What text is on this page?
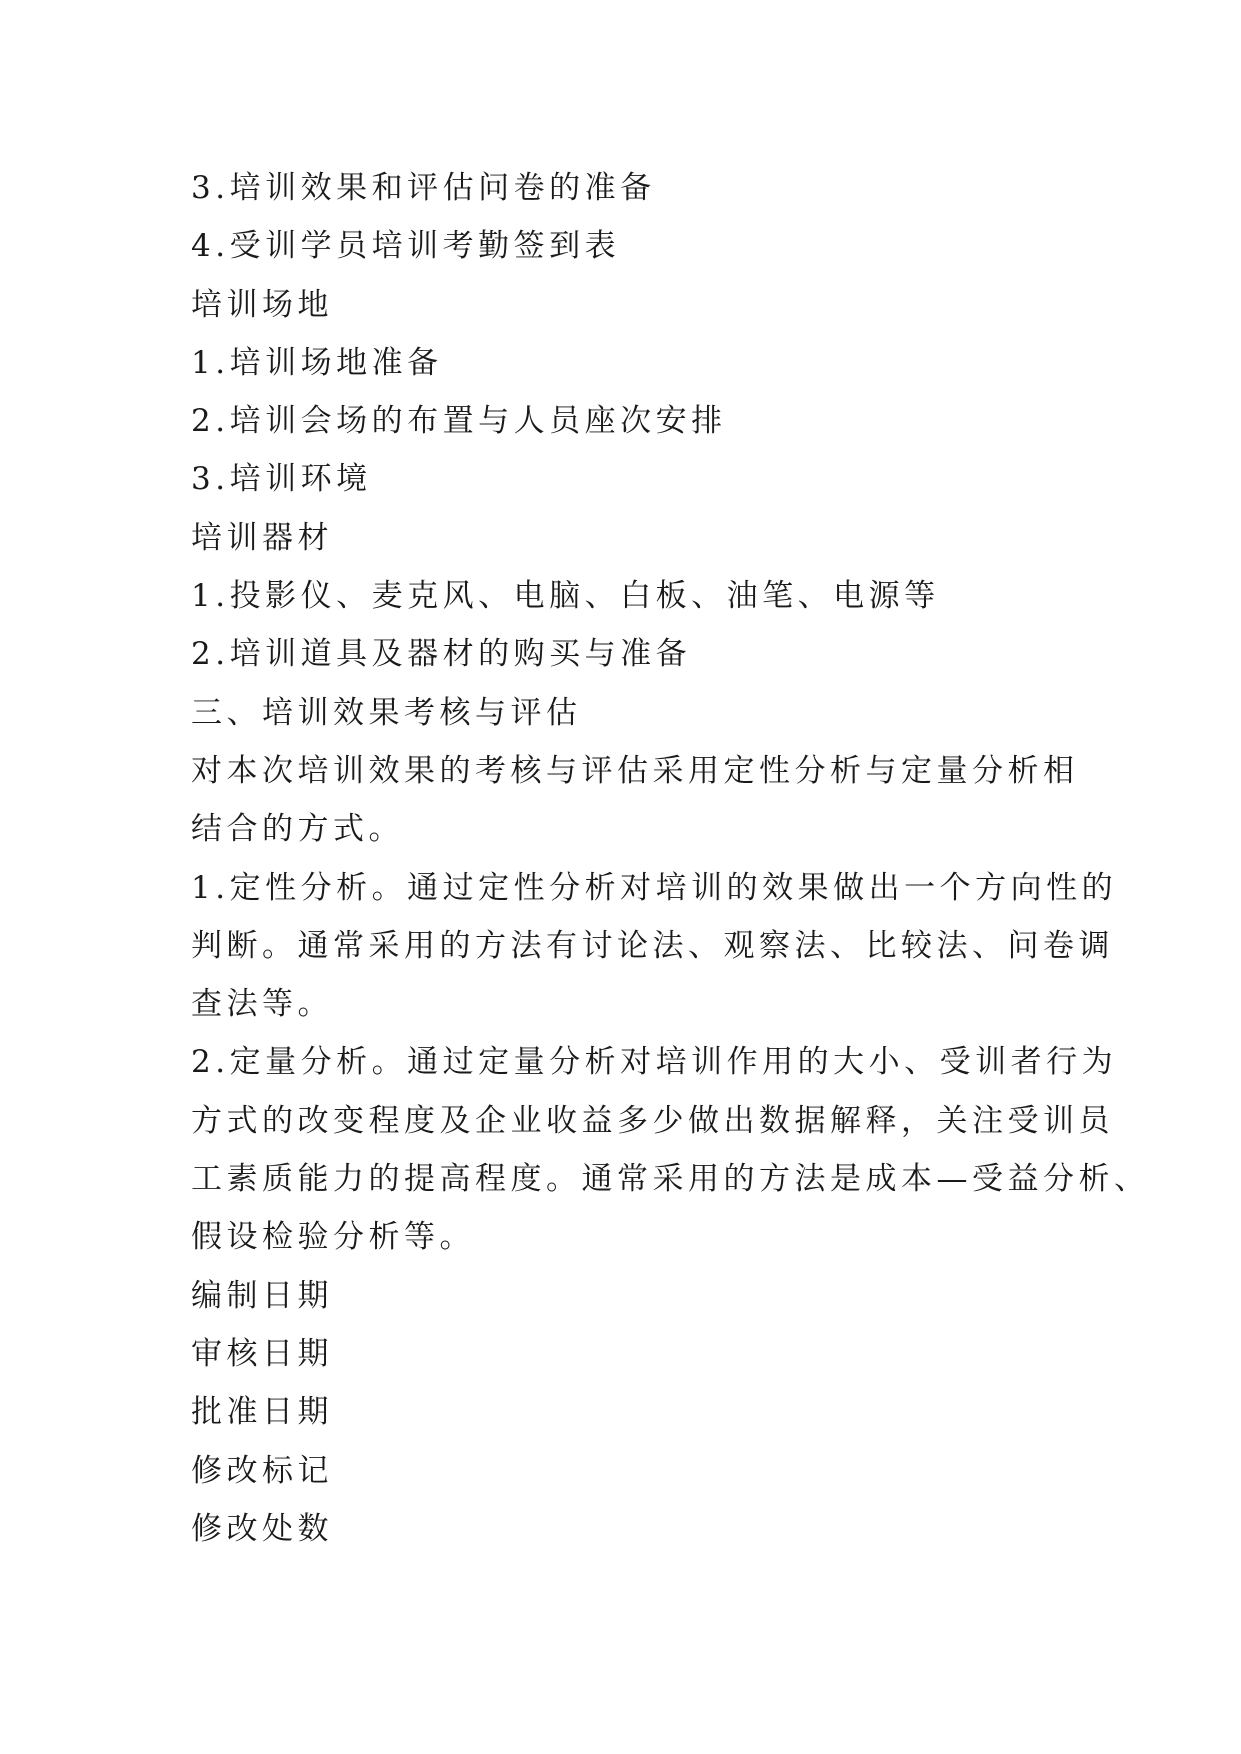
3.培训效果和评估问卷的准备

4.受训学员培训考勤签到表

培训场地

1.培训场地准备

2.培训会场的布置与人员座次安排

3.培训环境

培训器材

1.投影仪、麦克风、电脑、白板、油笔、电源等

2.培训道具及器材的购买与准备

三、培训效果考核与评估

对本次培训效果的考核与评估采用定性分析与定量分析相

结合的方式。

1.定性分析。通过定性分析对培训的效果做出一个方向性的

判断。通常采用的方法有讨论法、观察法、比较法、问卷调

查法等。

2.定量分析。通过定量分析对培训作用的大小、受训者行为

方式的改变程度及企业收益多少做出数据解释，关注受训员

工素质能力的提高程度。通常采用的方法是成本—受益分析、

假设检验分析等。

编制日期

审核日期

批准日期

修改标记

修改处数
